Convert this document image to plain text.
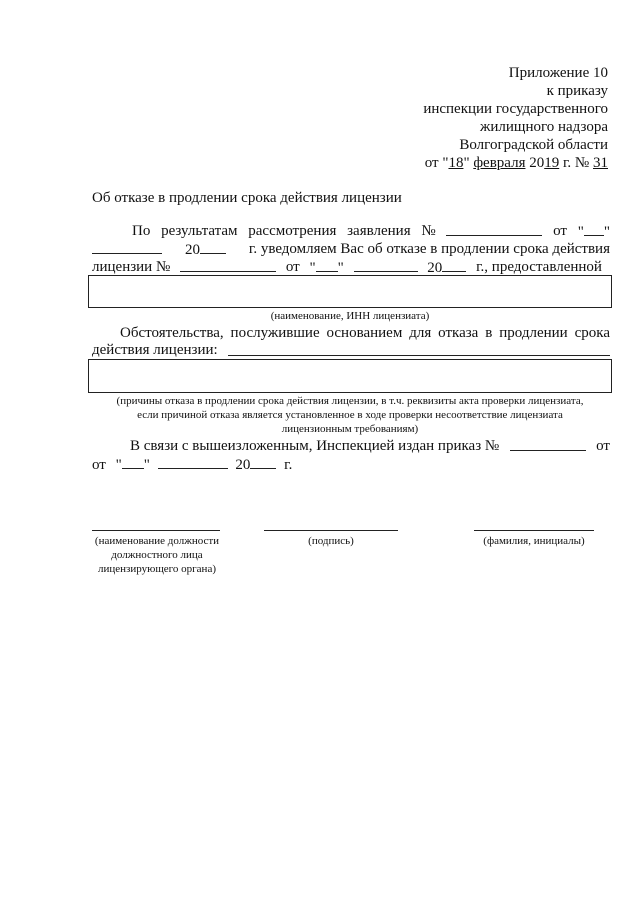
Приложение 10
к приказу
инспекции государственного
жилищного надзора
Волгоградской области
от "18" февраля 2019 г. № 31
Об отказе в продлении срока действия лицензии
По результатам рассмотрения заявления №	от " "
20	г. уведомляем Вас об отказе в продлении срока действия
лицензии №	от " "	20	г., предоставленной
(наименование, ИНН лицензиата)
Обстоятельства, послужившие основанием для отказа в продлении срока
действия лицензии:
(причины отказа в продлении срока действия лицензии, в т.ч. реквизиты акта проверки лицензиата,
если причиной отказа является установленное в ходе проверки несоответствие лицензиата
лицензионным требованиям)
В связи с вышеизложенным, Инспекцией издан приказ №	от
от " "	20 г.
(наименование должности
должностного лица
лицензирующего органа)
(подпись)	(фамилия, инициалы)
